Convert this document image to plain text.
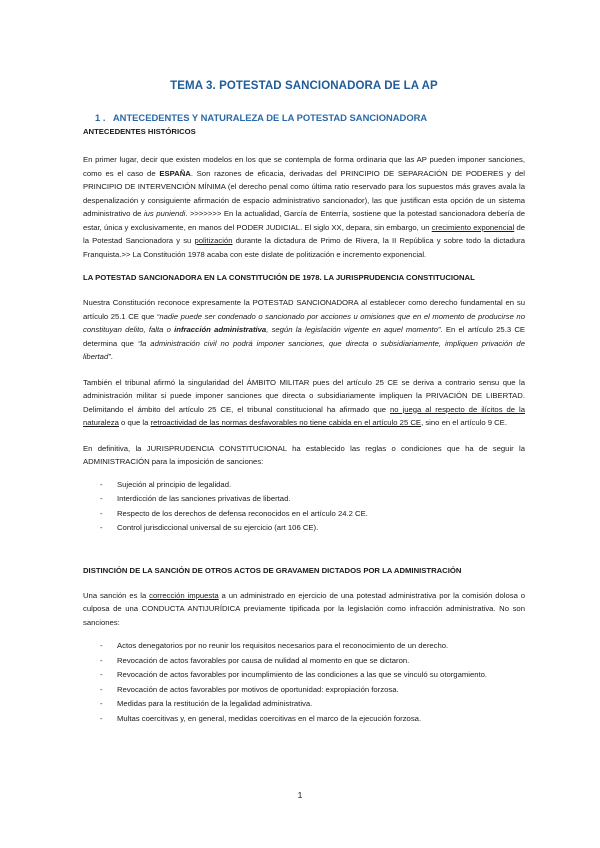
TEMA 3. POTESTAD SANCIONADORA DE LA AP
1 . ANTECEDENTES Y NATURALEZA DE LA POTESTAD SANCIONADORA
ANTECEDENTES HISTÓRICOS

En primer lugar, decir que existen modelos en los que se contempla de forma ordinaria que las AP pueden imponer sanciones, como es el caso de ESPAÑA. Son razones de eficacia, derivadas del PRINCIPIO DE SEPARACIÓN DE PODERES y del PRINCIPIO DE INTERVENCIÓN MÍNIMA (el derecho penal como última ratio reservado para los supuestos más graves avala la despenalización y consiguiente afirmación de espacio administrativo sancionador), las que justifican esta opción de un sistema administrativo de ius puniendi. >>>>>>> En la actualidad, García de Enterría, sostiene que la potestad sancionadora debería de estar, única y exclusivamente, en manos del PODER JUDICIAL. El siglo XX, depara, sin embargo, un crecimiento exponencial de la Potestad Sancionadora y su politización durante la dictadura de Primo de Rivera, la II República y sobre todo la dictadura Franquista.>> La Constitución 1978 acaba con este dislate de politización e incremento exponencial.

LA POTESTAD SANCIONADORA EN LA CONSTITUCIÓN DE 1978. LA JURISPRUDENCIA CONSTITUCIONAL

Nuestra Constitución reconoce expresamente la POTESTAD SANCIONADORA al establecer como derecho fundamental en su artículo 25.1 CE que “nadie puede ser condenado o sancionado por acciones u omisiones que en el momento de producirse no constituyan delito, falta o infracción administrativa, según la legislación vigente en aquel momento”. En el artículo 25.3 CE determina que “la administración civil no podrá imponer sanciones, que directa o subsidiariamente, impliquen privación de libertad”.

También el tribunal afirmó la singularidad del ÁMBITO MILITAR pues del artículo 25 CE se deriva a contrario sensu que la administración militar si puede imponer sanciones que directa o subsidiariamente impliquen la PRIVACIÓN DE LIBERTAD. Delimitando el ámbito del artículo 25 CE, el tribunal constitucional ha afirmado que no juega al respecto de ilícitos de la naturaleza o que la retroactividad de las normas desfavorables no tiene cabida en el artículo 25 CE, sino en el artículo 9 CE.

En definitiva, la JURISPRUDENCIA CONSTITUCIONAL ha establecido las reglas o condiciones que ha de seguir la ADMINISTRACIÓN para la imposición de sanciones:

- Sujeción al principio de legalidad.
- Interdicción de las sanciones privativas de libertad.
- Respecto de los derechos de defensa reconocidos en el artículo 24.2 CE.
- Control jurisdiccional universal de su ejercicio (art 106 CE).
DISTINCIÓN DE LA SANCIÓN DE OTROS ACTOS DE GRAVAMEN DICTADOS POR LA ADMINISTRACIÓN

Una sanción es la corrección impuesta a un administrado en ejercicio de una potestad administrativa por la comisión dolosa o culposa de una CONDUCTA ANTIJURÍDICA previamente tipificada por la legislación como infracción administrativa. No son sanciones:

- Actos denegatorios por no reunir los requisitos necesarios para el reconocimiento de un derecho.
- Revocación de actos favorables por causa de nulidad al momento en que se dictaron.
- Revocación de actos favorables por incumplimiento de las condiciones a las que se vinculó su otorgamiento.
- Revocación de actos favorables por motivos de oportunidad: expropiación forzosa.
- Medidas para la restitución de la legalidad administrativa.
- Multas coercitivas y, en general, medidas coercitivas en el marco de la ejecución forzosa.
1
